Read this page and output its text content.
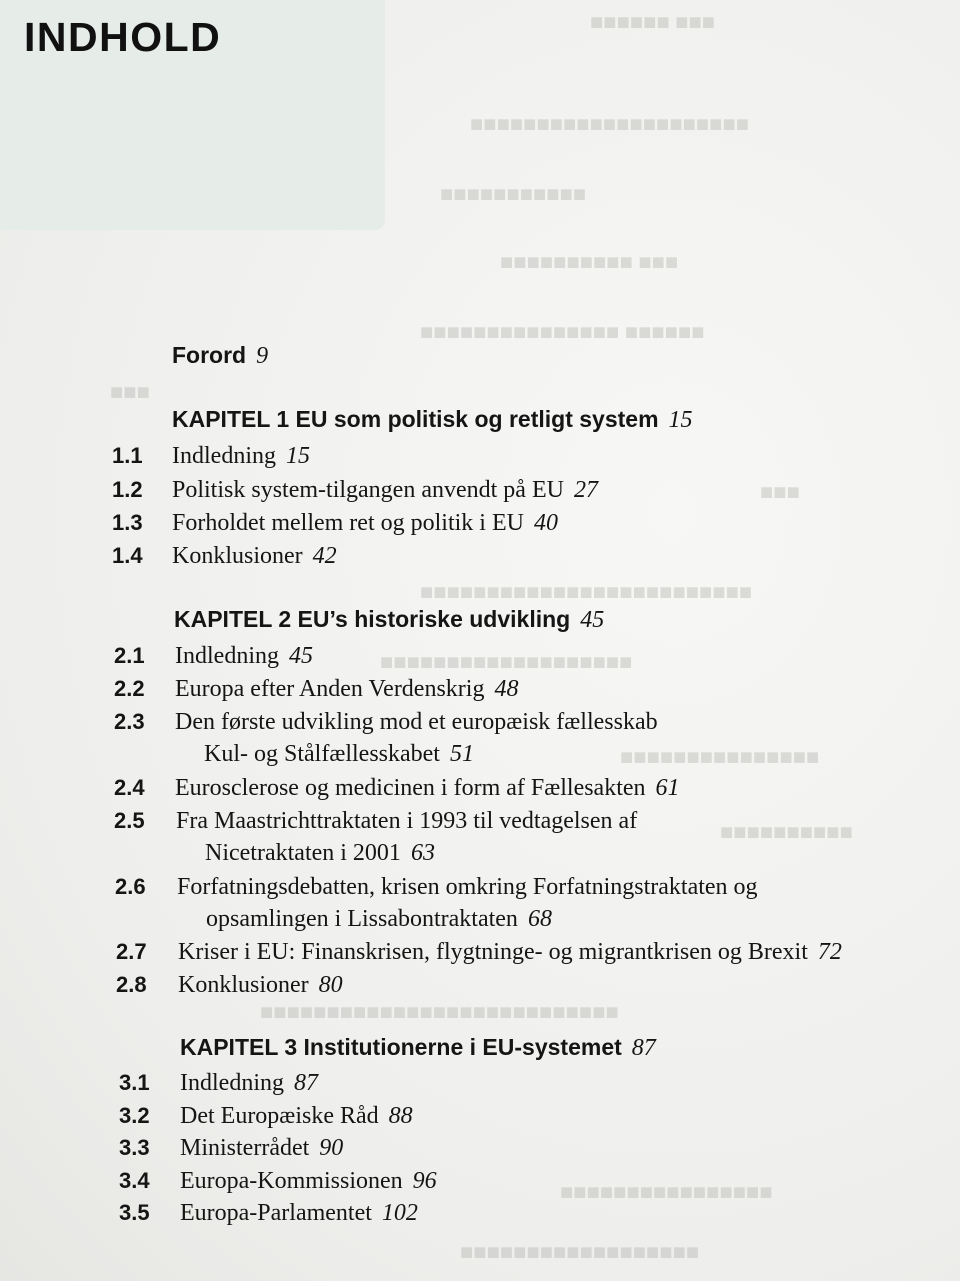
■■■■■■ ■■■
■■■■■■■■■■■■■■■■■■■■■
■■■■■■■■■■■
■■■■■■■■■■ ■■■
■■■■■■■■■■■■■■■ ■■■■■■
■■■
■■■
■■■■■■■■■■■■■■■■■■■■■■■■■
■■■■■■■■■■■■■■■■■■■
■■■■■■■■■■■■■■■
■■■■■■■■■■
■■■■■■■■■■■■■■■■■■■■■■■■■■■
■■■■■■■■■■■■■■■■
■■■■■■■■■■■■■■■■■■
INDHOLD
Forord 9
KAPITEL 1 EU som politisk og retligt system 15
1.1 Indledning 15
1.2 Politisk system-tilgangen anvendt på EU 27
1.3 Forholdet mellem ret og politik i EU 40
1.4 Konklusioner 42
KAPITEL 2 EU’s historiske udvikling 45
2.1 Indledning 45
2.2 Europa efter Anden Verdenskrig 48
2.3 Den første udvikling mod et europæisk fællesskab
Kul- og Stålfællesskabet 51
2.4 Eurosclerose og medicinen i form af Fællesakten 61
2.5 Fra Maastrichttraktaten i 1993 til vedtagelsen af
Nicetraktaten i 2001 63
2.6 Forfatningsdebatten, krisen omkring Forfatningstraktaten og
opsamlingen i Lissabontraktaten 68
2.7 Kriser i EU: Finanskrisen, flygtninge- og migrantkrisen og Brexit 72
2.8 Konklusioner 80
KAPITEL 3 Institutionerne i EU-systemet 87
3.1 Indledning 87
3.2 Det Europæiske Råd 88
3.3 Ministerrådet 90
3.4 Europa-Kommissionen 96
3.5 Europa-Parlamentet 102
